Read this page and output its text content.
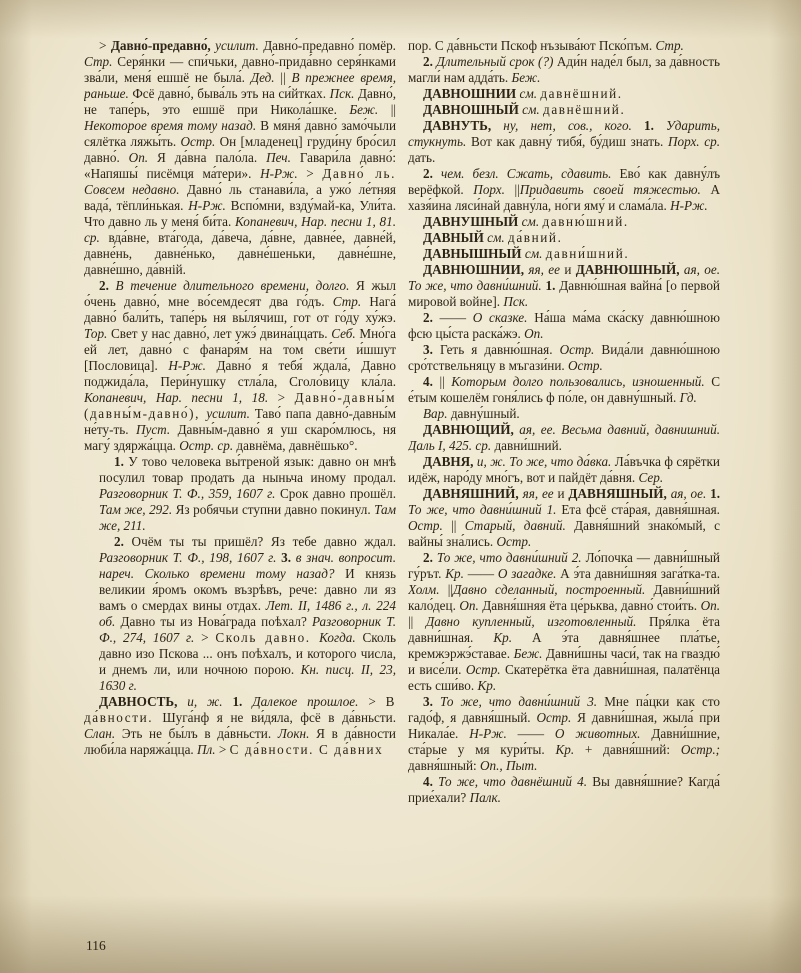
> Давно́-предавно́, усилит. Давно́-предавно́ помёр. Стр. Серя́нки — спи́чьки, давно́-прида́вно серя́нками зва́ли, меня́ ешшё не была́. Дед. || В прежнее время, раньше. Фсё давно́, быва́ль эть на си́йтках. Пск. Давно́, не тапе́рь, это ешшё при Никола́шке. Беж. || Некоторое время тому назад. В мяня́ давно́ замо́чыли сялётка ляжы́ть. Остр. Он [младенец] груди́ну бро́сил давно́. Оп. Я да́вна пало́ла. Печ. Гавари́ла давно́: «Напяшы́ писёмця ма́тери». Н-Рж. > Давно́ ль. Совсем недавно. Давно́ ль станави́ла, а ужо́ ле́тняя вада́, тёпли́нькая. Н-Рж. Вспо́мни, взду́май-ка, Ули́та. Что давно ль у меня́ би́та. Копаневич, Нар. песни 1, 81. ср. вда́вне, вта́года, да́веча, да́вне, давне́е, давне́й, давне́нь, давне́нько, давне́шеньки, давне́шне, давне́шно, да́вній.

2. В течение длительного времени, долго. Я жыл о́чень давно́, мне во́семдесят два го́дъ. Стр. Нага́ давно́ бали́ть, тапе́рь ня вы́лячиш, гот от го́ду ху́жэ. Тор. Свет у нас давно́, лет ужэ́ двина́ццать. Себ. Мно́га ей лет, давно́ с фанаря́м на том све́ти и́шшут [Пословица]. Н-Рж. Давно́ я тебя́ ждала́, Давно поджида́ла, Пери́нушку стла́ла, Сголо́вицу кла́ла. Копаневич, Нар. песни 1, 18. > Давно́-давны́м (давны́м-давно́), усилит. Таво́ папа давно́-давны́м не́ту-ть. Пуст. Давны́м-давно́ я уш скаро́млюсь, ня магу́ здяржа́цца. Остр. ср. давнёма, давнёшько°.

1. У тово человека вы́треной язык: давно он мнѣ посулил товар продать да ныньча иному продал. Разговорник Т. Ф., 359, 1607 г. Срок давно прошёл. Там же, 292. Яз робячьи ступни давно покинул. Там же, 211.

2. Очём ты ты пришёл? Яз тебе давно ждал. Разговорник Т. Ф., 198, 1607 г. 3. в знач. вопросит. нареч. Сколько времени тому назад? И князь великии я́ромъ окомъ възрѣвъ, рече: давно ли яз вамъ о смердах вины отдах. Лет. II, 1486 г., л. 224 об. Давно ты из Нова́града поѣхал? Разговорник Т. Ф., 274, 1607 г. > Сколь давно. Когда. Сколь давно изо Пскова ... онъ поѣхалъ, и которого числа, и днемъ ли, или ночною порою. Кн. писц. II, 23, 1630 г.

ДАВНОСТЬ, и, ж. 1. Далекое прошлое. > В да́вности. Шуга́нф я не ви́дяла, фсё в да́вньсти. Слан. Эть не бы́лъ в да́вньсти. Локн. Я в да́вности люби́ла наряжа́цца. Пл. > С да́вности. С да́вних

пор. С да́вньсти Пскоф нъзыва́ют Пско́пъм. Стр.

2. Длительный срок (?) Ади́н наде́л был, за да́вность магли́ нам адда́ть. Беж.

ДАВНОШНИИ см. давнёшний.

ДАВНОШНЫЙ см. давнёшний.

ДАВНУТЬ, ну, нет, сов., кого. 1. Ударить, стукнуть. Вот как давну́ тибя́, бу́диш знать. Порх. ср. дать.

2. чем. безл. Сжать, сдавить. Ево́ как давну́лъ верёфкой. Порх. ||Придавить своей тяжестью. А хазя́ина ляси́най давну́ла, но́ги яму́ и слама́ла. Н-Рж.

ДАВНУШНЫЙ см. давню́шний.

ДАВНЫЙ см. да́вний.

ДАВНЫШНЫЙ см. давни́шний.

ДАВНЮШНИИ, яя, ее и ДАВНЮШНЫЙ, ая, ое. То же, что давни́шний. 1. Давню́шная вайна́ [о первой мировой войне]. Пск.

2. —— О сказке. На́ша ма́ма ска́ску давню́шною фсю цы́ста раска́жэ. Оп.

3. Геть я давню́шная. Остр. Вида́ли давню́шною сро́тствельняцу в мъгази́ни. Остр.

4. || Которым долго пользовались, изношенный. С е́тым кошелём гоня́лись ф по́ле, он давну́шный. Гд.

Вар. давну́шный.

ДАВНЮЩИЙ, ая, ее. Весьма давний, давнишний. Даль I, 425. ср. давни́шний.

ДАВНЯ, и, ж. То же, что да́вка. Ла́въчка ф сярётки идёж, наро́ду мно́гъ, вот и пайдёт да́вня. Сер.

ДАВНЯШНИЙ, яя, ее и ДАВНЯШНЫЙ, ая, ое. 1. То же, что давни́шний 1. Ета фсё ста́рая, давня́шная. Остр. || Старый, давний. Давня́шний знако́мый, с вайны́ зна́лись. Остр.

2. То же, что давни́шний 2. Ло́почка — давни́шный гу́рът. Кр. —— О загадке. А э́та давни́шняя зага́тка-та. Холм. ||Давно сделанный, построенный. Давни́шний кало́дец. Оп. Давня́шняя ёта це́рьква, давно́ стои́ть. Оп. || Давно купленный, изготовленный. Пря́лка ёта давни́шная. Кр. А э́та давня́шнее пла́тье, кремжэржэ́ставае. Беж. Давни́шны часи́, так на гваздю́ и висе́ли. Остр. Скатерётка ёта давни́шная, палатёнца есть сши́во. Кр.

3. То же, что давни́шний 3. Мне па́цки как сто гадо́ф, я давня́шный. Остр. Я давни́шная, жыла́ при Никала́е. Н-Рж. —— О животных. Давни́шние, ста́рые у мя кури́ты. Кр. + давня́шний: Остр.; давня́шный: Оп., Пыт.

4. То же, что давнёшний 4. Вы давня́шние? Кагда́ прие́хали? Палк.

116
